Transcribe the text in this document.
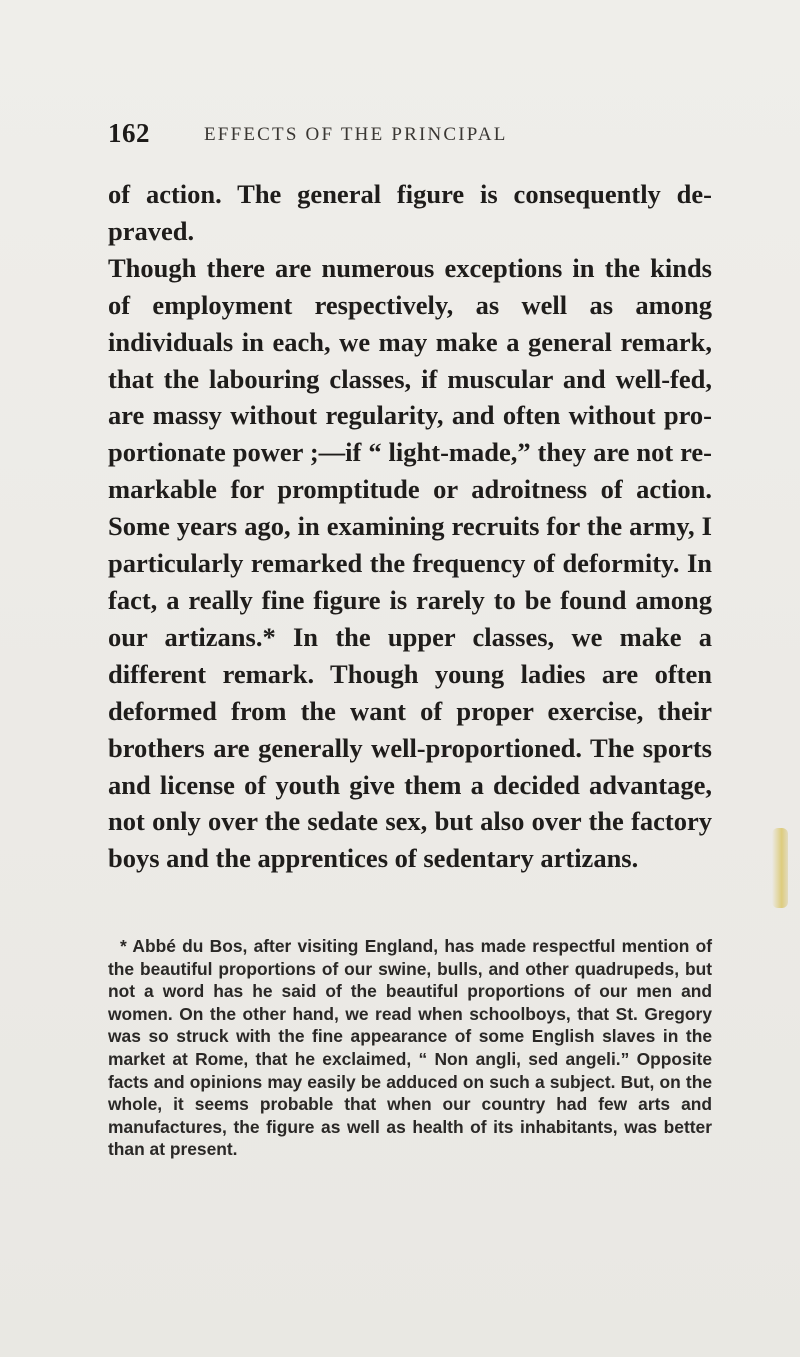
162	EFFECTS OF THE PRINCIPAL

of action. The general figure is consequently depraved.

Though there are numerous exceptions in the kinds of employment respectively, as well as among individuals in each, we may make a general remark, that the labouring classes, if muscular and well-fed, are massy without regularity, and often without proportionate power ;—if “ light-made,” they are not remarkable for promptitude or adroitness of action. Some years ago, in examining recruits for the army, I particularly remarked the frequency of deformity. In fact, a really fine figure is rarely to be found among our artizans.* In the upper classes, we make a different remark. Though young ladies are often deformed from the want of proper exercise, their brothers are generally well-proportioned. The sports and license of youth give them a decided advantage, not only over the sedate sex, but also over the factory boys and the apprentices of sedentary artizans.

* Abbé du Bos, after visiting England, has made respectful mention of the beautiful proportions of our swine, bulls, and other quadrupeds, but not a word has he said of the beautiful proportions of our men and women. On the other hand, we read when schoolboys, that St. Gregory was so struck with the fine appearance of some English slaves in the market at Rome, that he exclaimed, “ Non angli, sed angeli.” Opposite facts and opinions may easily be adduced on such a subject. But, on the whole, it seems probable that when our country had few arts and manufactures, the figure as well as health of its inhabitants, was better than at present.
